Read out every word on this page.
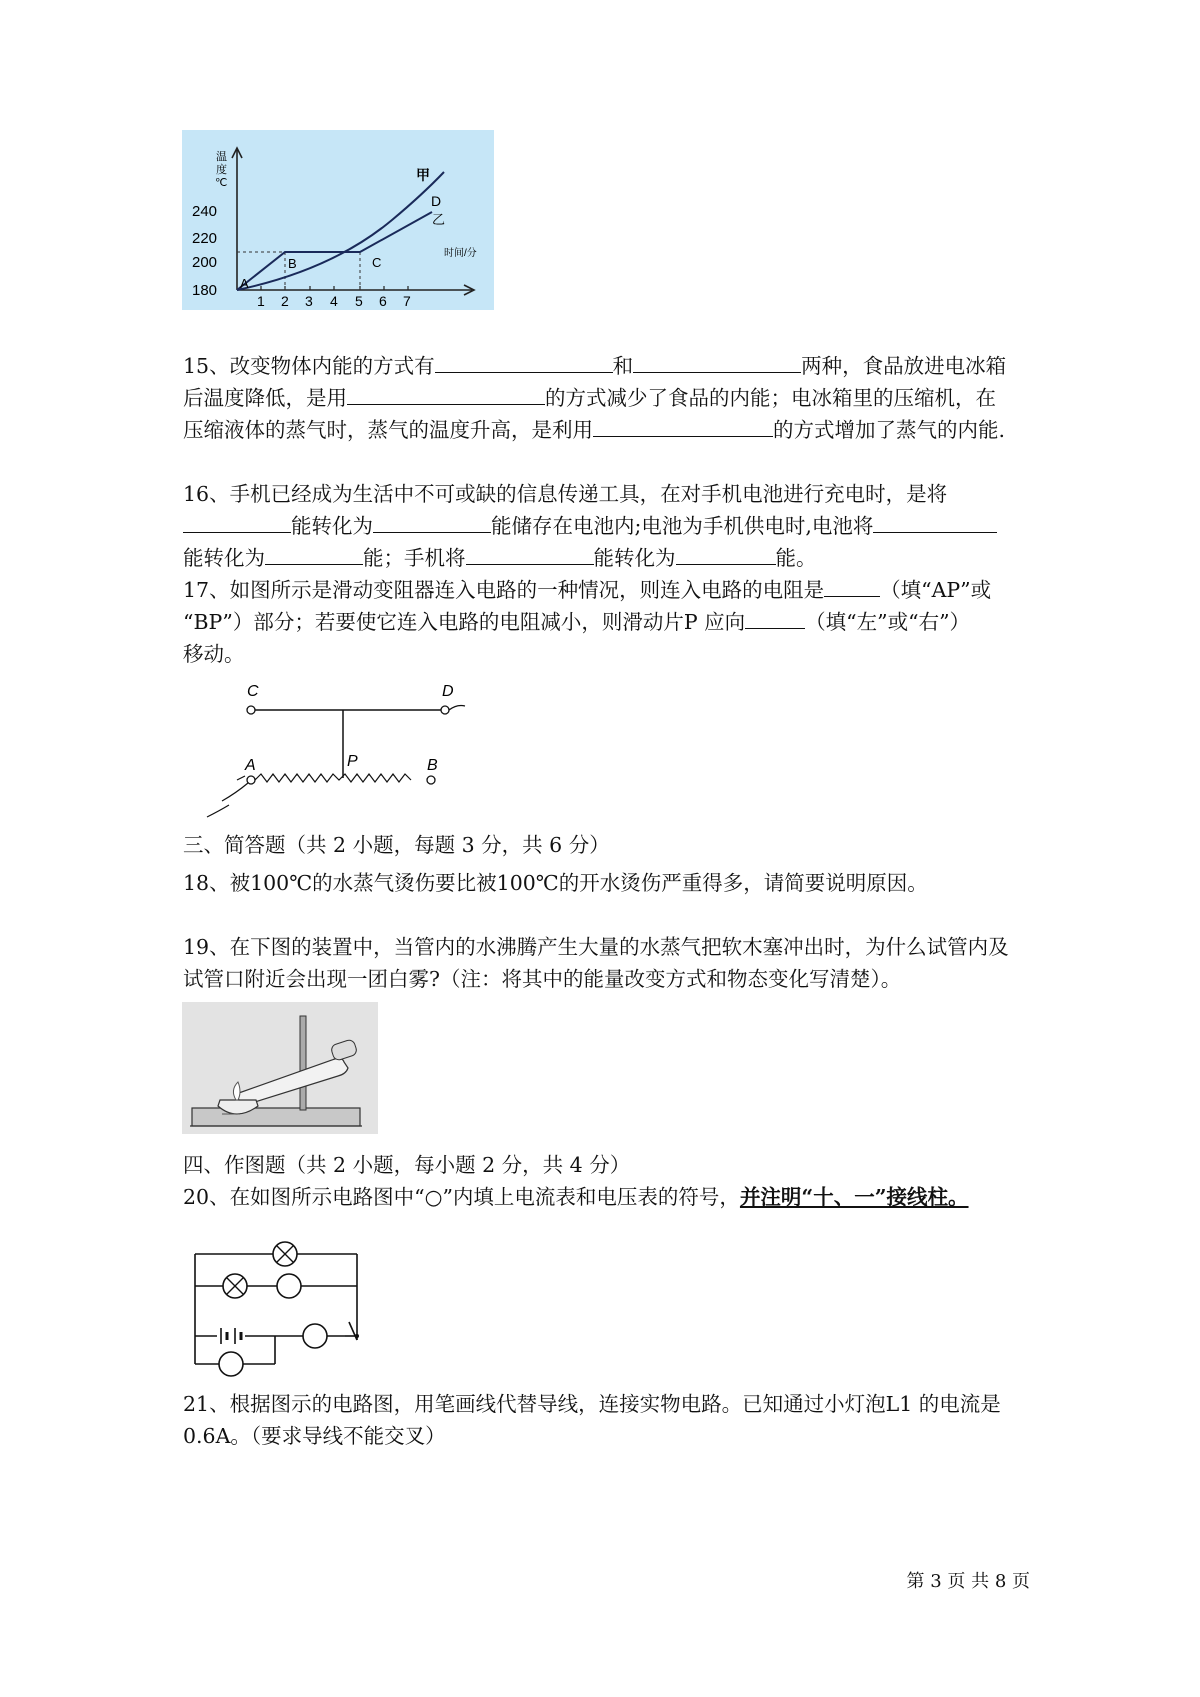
温
度
℃
240
220
200
180
1 2 3 4 5 6 7
甲
乙
A
B	C
D
时间/分
15、改变物体内能的方式有	和	两种，食品放进电冰箱
后温度降低，是用	的方式减少了食品的内能；电冰箱里的压缩机，在
压缩液体的蒸气时，蒸气的温度升高，是利用	的方式增加了蒸气的内能.
16、手机已经成为生活中不可或缺的信息传递工具，在对手机电池进行充电时，是将
能转化为	能储存在电池内;电池为手机供电时,电池将
能转化为	能；手机将	能转化为	能。
17、如图所示是滑动变阻器连入电路的一种情况，则连入电路的电阻是	（填“AP”或
“BP”）部分；若要使它连入电路的电阻减小，则滑动片P 应向	（填“左”或“右”）
移动。
C	D
A	P	B
三、简答题（共 2 小题，每题 3 分，共 6 分）
18、被100℃的水蒸气烫伤要比被100℃的开水烫伤严重得多，请简要说明原因。
19、在下图的装置中，当管内的水沸腾产生大量的水蒸气把软木塞冲出时，为什么试管内及
试管口附近会出现一团白雾?（注：将其中的能量改变方式和物态变化写清楚）。
四、作图题（共 2 小题，每小题 2 分，共 4 分）
20、在如图所示电路图中“○”内填上电流表和电压表的符号，并注明“十、一”接线柱。
21、根据图示的电路图，用笔画线代替导线，连接实物电路。已知通过小灯泡L1 的电流是
0.6A。（要求导线不能交叉）
第 3 页 共 8 页
